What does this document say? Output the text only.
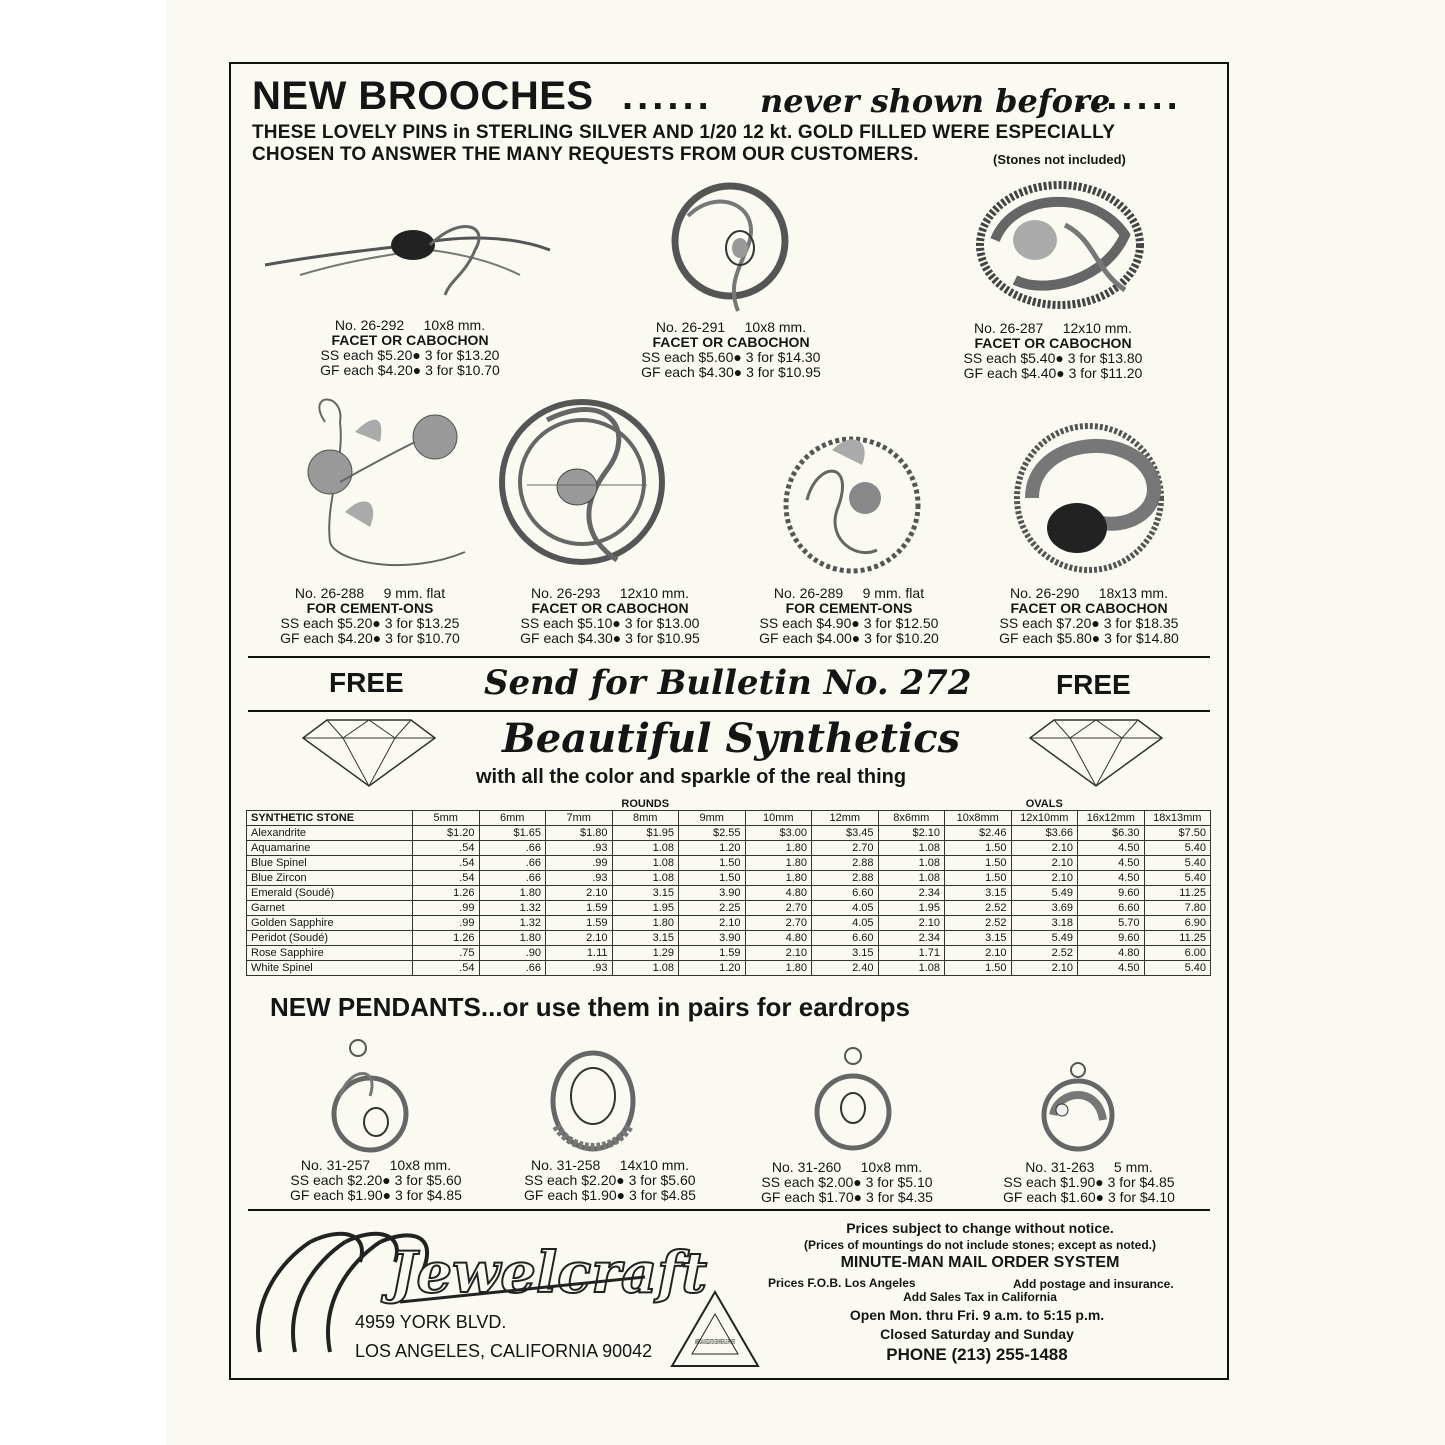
NEW BROOCHES ...... never shown before
.......
THESE LOVELY PINS in STERLING SILVER AND 1/20 12 kt. GOLD FILLED WERE ESPECIALLY
CHOSEN TO ANSWER THE MANY REQUESTS FROM OUR CUSTOMERS.	(Stones not included)
No. 26-292 10x8 mm.
FACET OR CABOCHON
SS each $5.20● 3 for $13.20
GF each $4.20● 3 for $10.70
No. 26-291 10x8 mm.
FACET OR CABOCHON
SS each $5.60● 3 for $14.30
GF each $4.30● 3 for $10.95
No. 26-287 12x10 mm.
FACET OR CABOCHON
SS each $5.40● 3 for $13.80
GF each $4.40● 3 for $11.20
No. 26-288 9 mm. flat
FOR CEMENT-ONS
SS each $5.20● 3 for $13.25
GF each $4.20● 3 for $10.70
No. 26-293 12x10 mm.
FACET OR CABOCHON
SS each $5.10● 3 for $13.00
GF each $4.30● 3 for $10.95
No. 26-289 9 mm. flat
FOR CEMENT-ONS
SS each $4.90● 3 for $12.50
GF each $4.00● 3 for $10.20
No. 26-290 18x13 mm.
FACET OR CABOCHON
SS each $7.20● 3 for $18.35
GF each $5.80● 3 for $14.80
FREE Send for Bulletin No. 272	FREE
Beautiful Synthetics
with all the color and sparkle of the real thing
	ROUNDS							OVALS				
SYNTHETIC STONE	5mm	6mm	7mm	8mm	9mm	10mm	12mm	8x6mm	10x8mm	12x10mm	16x12mm	18x13mm
Alexandrite	$1.20	$1.65	$1.80	$1.95	$2.55	$3.00	$3.45	$2.10	$2.46	$3.66	$6.30	$7.50
Aquamarine	.54	.66	.93	1.08	1.20	1.80	2.70	1.08	1.50	2.10	4.50	5.40
Blue Spinel	.54	.66	.99	1.08	1.50	1.80	2.88	1.08	1.50	2.10	4.50	5.40
Blue Zircon	.54	.66	.93	1.08	1.50	1.80	2.88	1.08	1.50	2.10	4.50	5.40
Emerald (Soudé)	1.26	1.80	2.10	3.15	3.90	4.80	6.60	2.34	3.15	5.49	9.60	11.25
Garnet	.99	1.32	1.59	1.95	2.25	2.70	4.05	1.95	2.52	3.69	6.60	7.80
Golden Sapphire	.99	1.32	1.59	1.80	2.10	2.70	4.05	2.10	2.52	3.18	5.70	6.90
Peridot (Soudé)	1.26	1.80	2.10	3.15	3.90	4.80	6.60	2.34	3.15	5.49	9.60	11.25
Rose Sapphire	.75	.90	1.11	1.29	1.59	2.10	3.15	1.71	2.10	2.52	4.80	6.00
White Spinel	.54	.66	.93	1.08	1.20	1.80	2.40	1.08	1.50	2.10	4.50	5.40
NEW PENDANTS...or use them in pairs for eardrops
No. 31-257 10x8 mm.
SS each $2.20● 3 for $5.60
GF each $1.90● 3 for $4.85
No. 31-258 14x10 mm.
SS each $2.20● 3 for $5.60
GF each $1.90● 3 for $4.85
No. 31-260 10x8 mm.
SS each $2.00● 3 for $5.10
GF each $1.70● 3 for $4.35
No. 31-263 5 mm.
SS each $1.90● 3 for $4.85
GF each $1.60● 3 for $4.10
Jewelcraft
4959 YORK BLVD.
LOS ANGELES, CALIFORNIA 90042	AMERICAN ASSOCIATION GEM MINERAL SUPPLIERS
Prices subject to change without notice.
(Prices of mountings do not include stones; except as noted.)
MINUTE-MAN MAIL ORDER SYSTEM
Prices F.O.B. Los Angeles	Add postage and insurance.
Add Sales Tax in California
Open Mon. thru Fri. 9 a.m. to 5:15 p.m.
Closed Saturday and Sunday
PHONE (213) 255-1488
